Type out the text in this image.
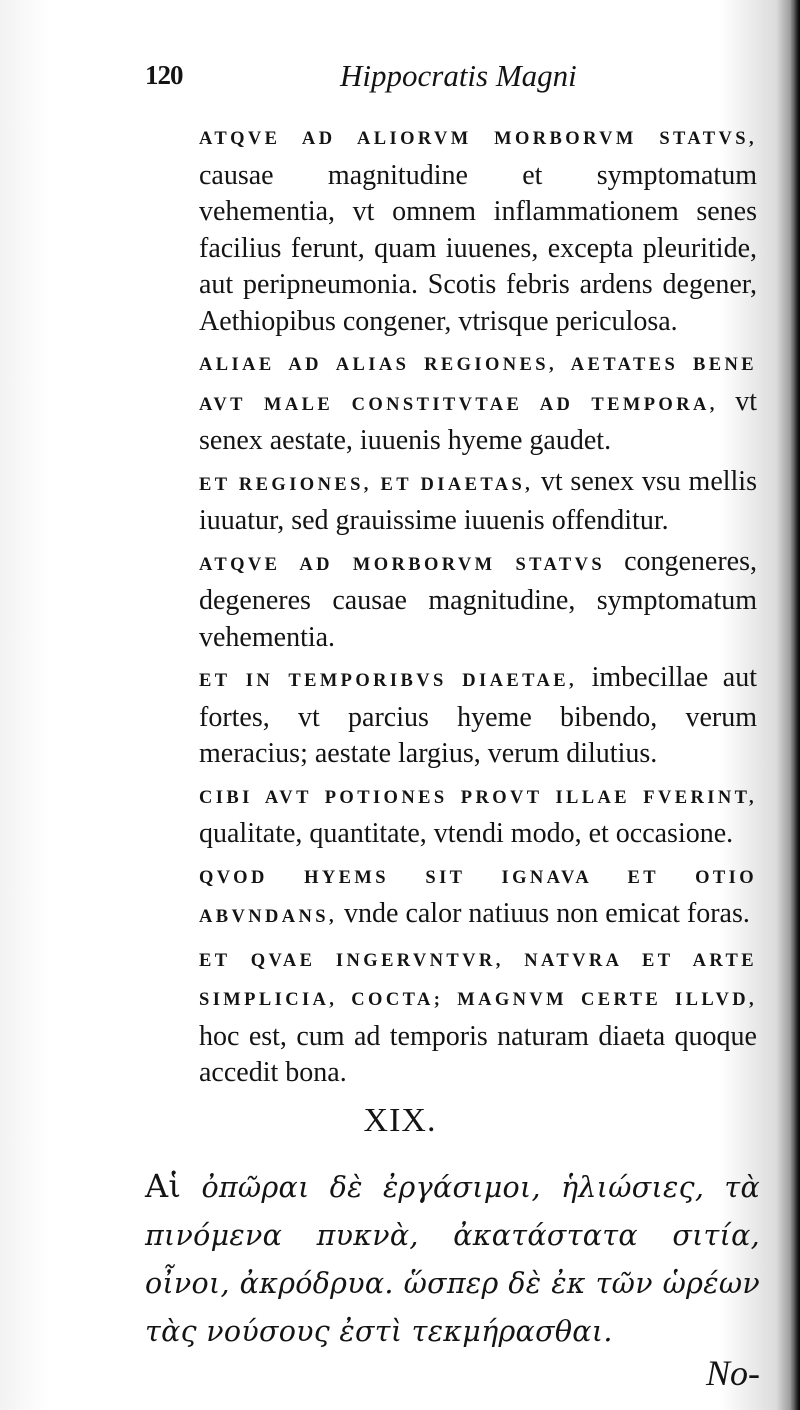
120	Hippocratis Magni

ATQVE AD ALIORVM MORBORVM STATVS, causae magnitudine et symptomatum vehementia, vt omnem inflammationem senes facilius ferunt, quam iuuenes, excepta pleuritide, aut peripneumonia. Scotis febris ardens degener, Aethiopibus congener, vtrisque periculosa.

ALIAE AD ALIAS REGIONES, AETATES BENE AVT MALE CONSTITVTAE AD TEMPORA, vt senex aestate, iuuenis hyeme gaudet.

ET REGIONES, ET DIAETAS, vt senex vsu mellis iuuatur, sed grauissime iuuenis offenditur.

ATQVE AD MORBORVM STATVS congeneres, degeneres causae magnitudine, symptomatum vehementia.

ET IN TEMPORIBVS DIAETAE, imbecillae aut fortes, vt parcius hyeme bibendo, verum meracius; aestate largius, verum dilutius.

CIBI AVT POTIONES PROVT ILLAE FVERINT, qualitate, quantitate, vtendi modo, et occasione.

QVOD HYEMS SIT IGNAVA ET OTIO ABVNDANS, vnde calor natiuus non emicat foras.

ET QVAE INGERVNTVR, NATVRA ET ARTE SIMPLICIA, COCTA; MAGNVM CERTE ILLVD, hoc est, cum ad temporis naturam diaeta quoque accedit bona.

XIX.
Αἱ ὀπῶραι δὲ ἐργάσιμοι, ἡλιώσιες, τὰ πινόμενα πυκνὰ, ἀκατάστατα σιτία, οἶνοι, ἀκρόδρυα. ὥσπερ δὲ ἐκ τῶν ὡρέων τὰς νούσους ἐστὶ τεκμήρασθαι.
No-
